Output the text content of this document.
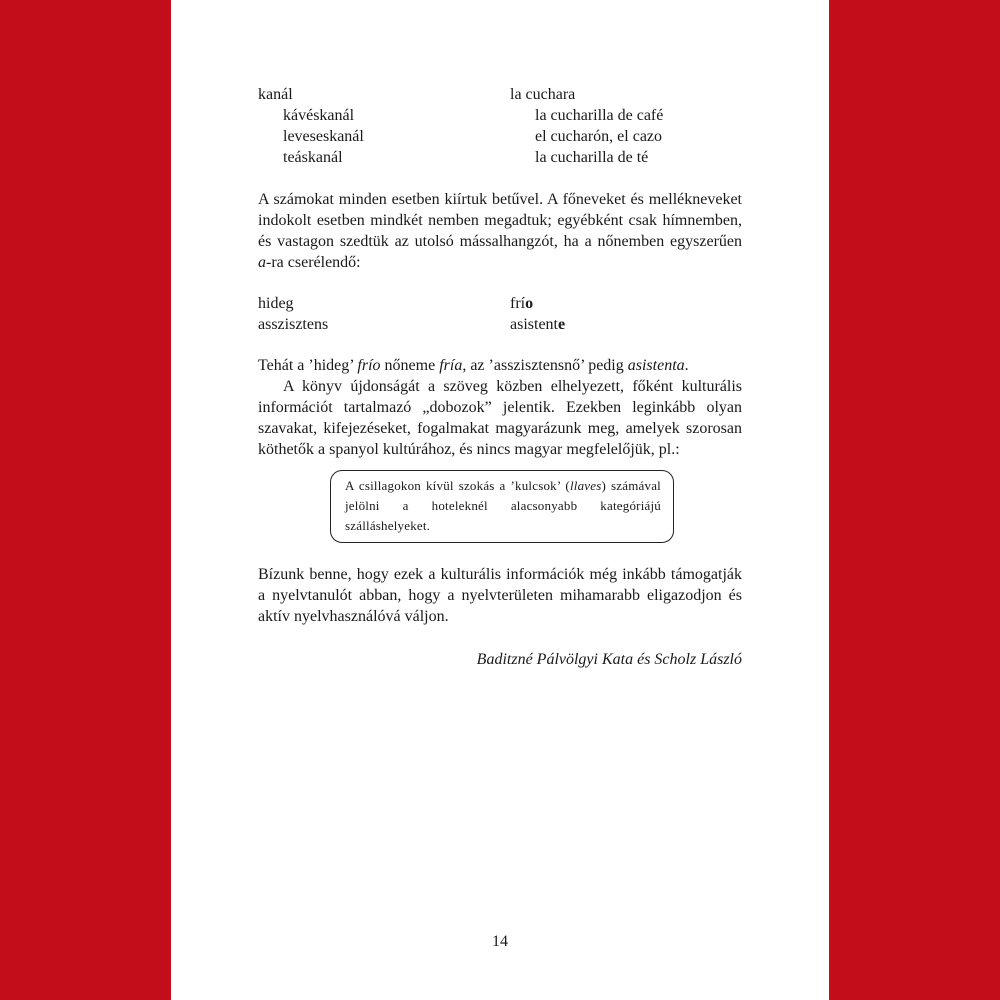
kanál	la cuchara
kávéskanál	la cucharilla de café
leveseskanál	el cucharón, el cazo
teáskanál	la cucharilla de té

A számokat minden esetben kiírtuk betűvel. A főneveket és mellékneveket indokolt esetben mindkét nemben megadtuk; egyébként csak hímnemben, és vastagon szedtük az utolsó mássalhangzót, ha a nőnemben egyszerűen a-ra cserélendő:

hideg	frío
asszisztens	asistente

Tehát a ’hideg’ frío nőneme fría, az ’asszisztensnő’ pedig asistenta.

A könyv újdonságát a szöveg közben elhelyezett, főként kulturális információt tartalmazó „dobozok” jelentik. Ezekben leginkább olyan szavakat, kifejezéseket, fogalmakat magyarázunk meg, amelyek szorosan köthetők a spanyol kultúrához, és nincs magyar megfelelőjük, pl.:

A csillagokon kívül szokás a ’kulcsok’ (llaves) számával jelölni a hoteleknél alacsonyabb kategóriájú szálláshelyeket.

Bízunk benne, hogy ezek a kulturális információk még inkább támogatják a nyelvtanulót abban, hogy a nyelvterületen mihamarabb eligazodjon és aktív nyelvhasználóvá váljon.

Baditzné Pálvölgyi Kata és Scholz László
14
